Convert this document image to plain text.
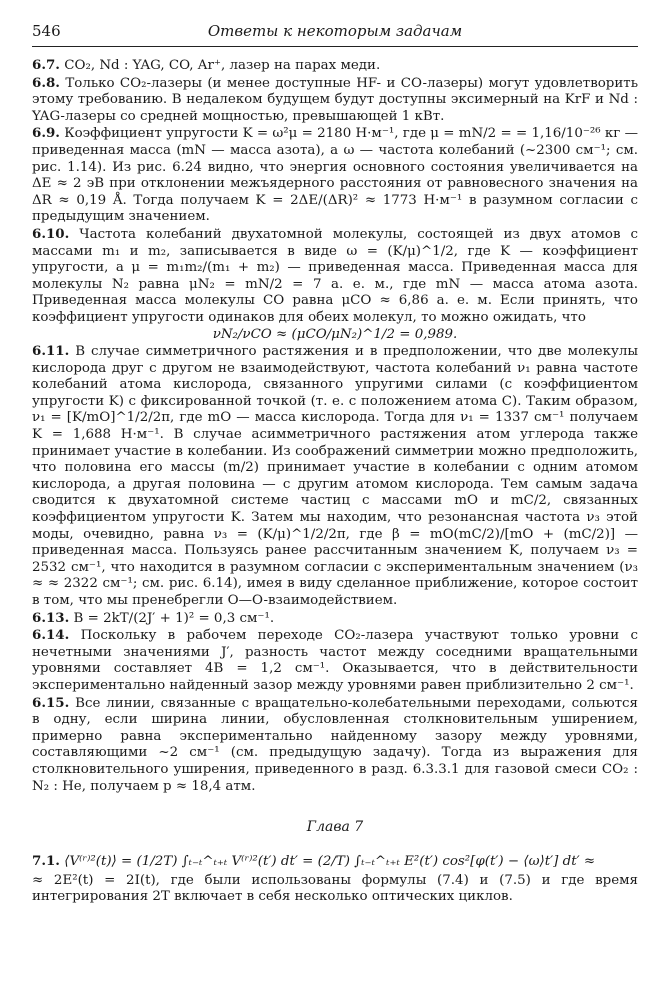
546	Ответы к некоторым задачам

6.7. CO₂, Nd : YAG, CO, Ar⁺, лазер на парах меди.

6.8. Только CO₂-лазеры (и менее доступные HF- и CO-лазеры) могут удовлетворить этому требованию. В недалеком будущем будут доступны эксимерный на KrF и Nd : YAG-лазеры со средней мощностью, превышающей 1 кВт.

6.9. Коэффициент упругости K = ω²μ = 2180 Н·м⁻¹, где μ = mN/2 = = 1,16/10⁻²⁶ кг — приведенная масса (mN — масса азота), а ω — частота колебаний (~2300 см⁻¹; см. рис. 1.14). Из рис. 6.24 видно, что энергия основного состояния увеличивается на ΔE ≈ 2 эВ при отклонении межъядерного расстояния от равновесного значения на ΔR ≈ 0,19 Å. Тогда получаем K = 2ΔE/(ΔR)² ≈ 1773 Н·м⁻¹ в разумном согласии с предыдущим значением.

6.10. Частота колебаний двухатомной молекулы, состоящей из двух атомов с массами m₁ и m₂, записывается в виде ω = (K/μ)^1/2, где K — коэффициент упругости, а μ = m₁m₂/(m₁ + m₂) — приведенная масса. Приведенная масса для молекулы N₂ равна μN₂ = mN/2 = 7 а. е. м., где mN — масса атома азота. Приведенная масса молекулы CO равна μCO ≈ 6,86 а. е. м. Если принять, что коэффициент упругости одинаков для обеих молекул, то можно ожидать, что

νN₂/νCO ≈ (μCO/μN₂)^1/2 = 0,989.

6.11. В случае симметричного растяжения и в предположении, что две молекулы кислорода друг с другом не взаимодействуют, частота колебаний ν₁ равна частоте колебаний атома кислорода, связанного упругими силами (с коэффициентом упругости K) с фиксированной точкой (т. е. с положением атома C). Таким образом, ν₁ = [K/mO]^1/2/2π, где mO — масса кислорода. Тогда для ν₁ = 1337 см⁻¹ получаем K = 1,688 Н·м⁻¹. В случае асимметричного растяжения атом углерода также принимает участие в колебании. Из соображений симметрии можно предположить, что половина его массы (m/2) принимает участие в колебании с одним атомом кислорода, а другая половина — с другим атомом кислорода. Тем самым задача сводится к двухатомной системе частиц с массами mO и mC/2, связанных коэффициентом упругости K. Затем мы находим, что резонансная частота ν₃ этой моды, очевидно, равна ν₃ = (K/μ)^1/2/2π, где β = mO(mC/2)/[mO + (mC/2)] — приведенная масса. Пользуясь ранее рассчитанным значением K, получаем ν₃ = 2532 см⁻¹, что находится в разумном согласии с экспериментальным значением (ν₃ ≈ ≈ 2322 см⁻¹; см. рис. 6.14), имея в виду сделанное приближение, которое состоит в том, что мы пренебрегли O—O-взаимодействием.

6.13. B = 2kT/(2J′ + 1)² = 0,3 см⁻¹.

6.14. Поскольку в рабочем переходе CO₂-лазера участвуют только уровни с нечетными значениями J′, разность частот между соседними вращательными уровнями составляет 4B = 1,2 см⁻¹. Оказывается, что в действительности экспериментально найденный зазор между уровнями равен приблизительно 2 см⁻¹.

6.15. Все линии, связанные с вращательно-колебательными переходами, сольются в одну, если ширина линии, обусловленная столкновительным уширением, примерно равна экспериментально найденному зазору между уровнями, составляющими ~2 см⁻¹ (см. предыдущую задачу). Тогда из выражения для столкновительного уширения, приведенного в разд. 6.3.3.1 для газовой смеси CO₂ : N₂ : He, получаем p ≈ 18,4 атм.

Глава 7
7.1. ⟨V⁽ʳ⁾²(t)⟩ = (1/2T) ∫ₜ₋ₜ^ₜ₊ₜ V⁽ʳ⁾²(t′) dt′ = (2/T) ∫ₜ₋ₜ^ₜ₊ₜ E²(t′) cos²[φ(t′) − ⟨ω⟩t′] dt′ ≈

≈ 2E²(t) = 2I(t), где были использованы формулы (7.4) и (7.5) и где время интегрирования 2T включает в себя несколько оптических циклов.
